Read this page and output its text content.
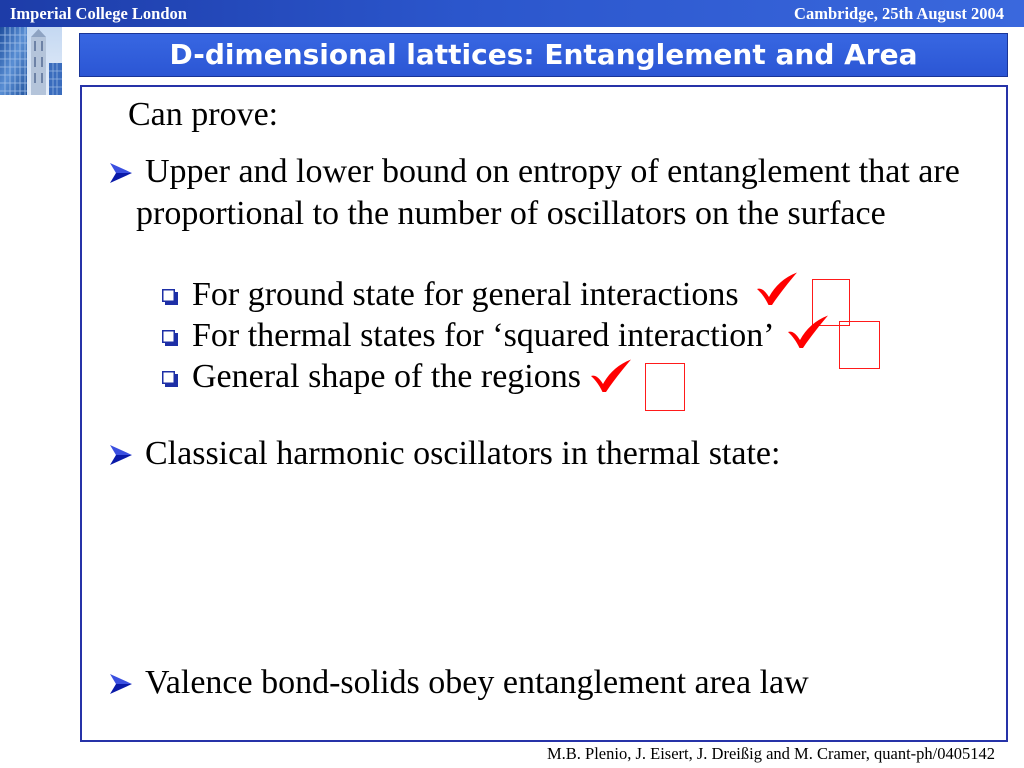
Imperial College London	Cambridge, 25th August 2004
D-dimensional lattices: Entanglement and Area
Can prove:
Upper and lower bound on entropy of entanglement that are
proportional to the number of oscillators on the surface
For ground state for general interactions
For thermal states for ‘squared interaction’
General shape of the regions
Classical harmonic oscillators in thermal state:
Valence bond-solids obey entanglement area law
M.B. Plenio, J. Eisert, J. Dreißig and M. Cramer, quant-ph/0405142
